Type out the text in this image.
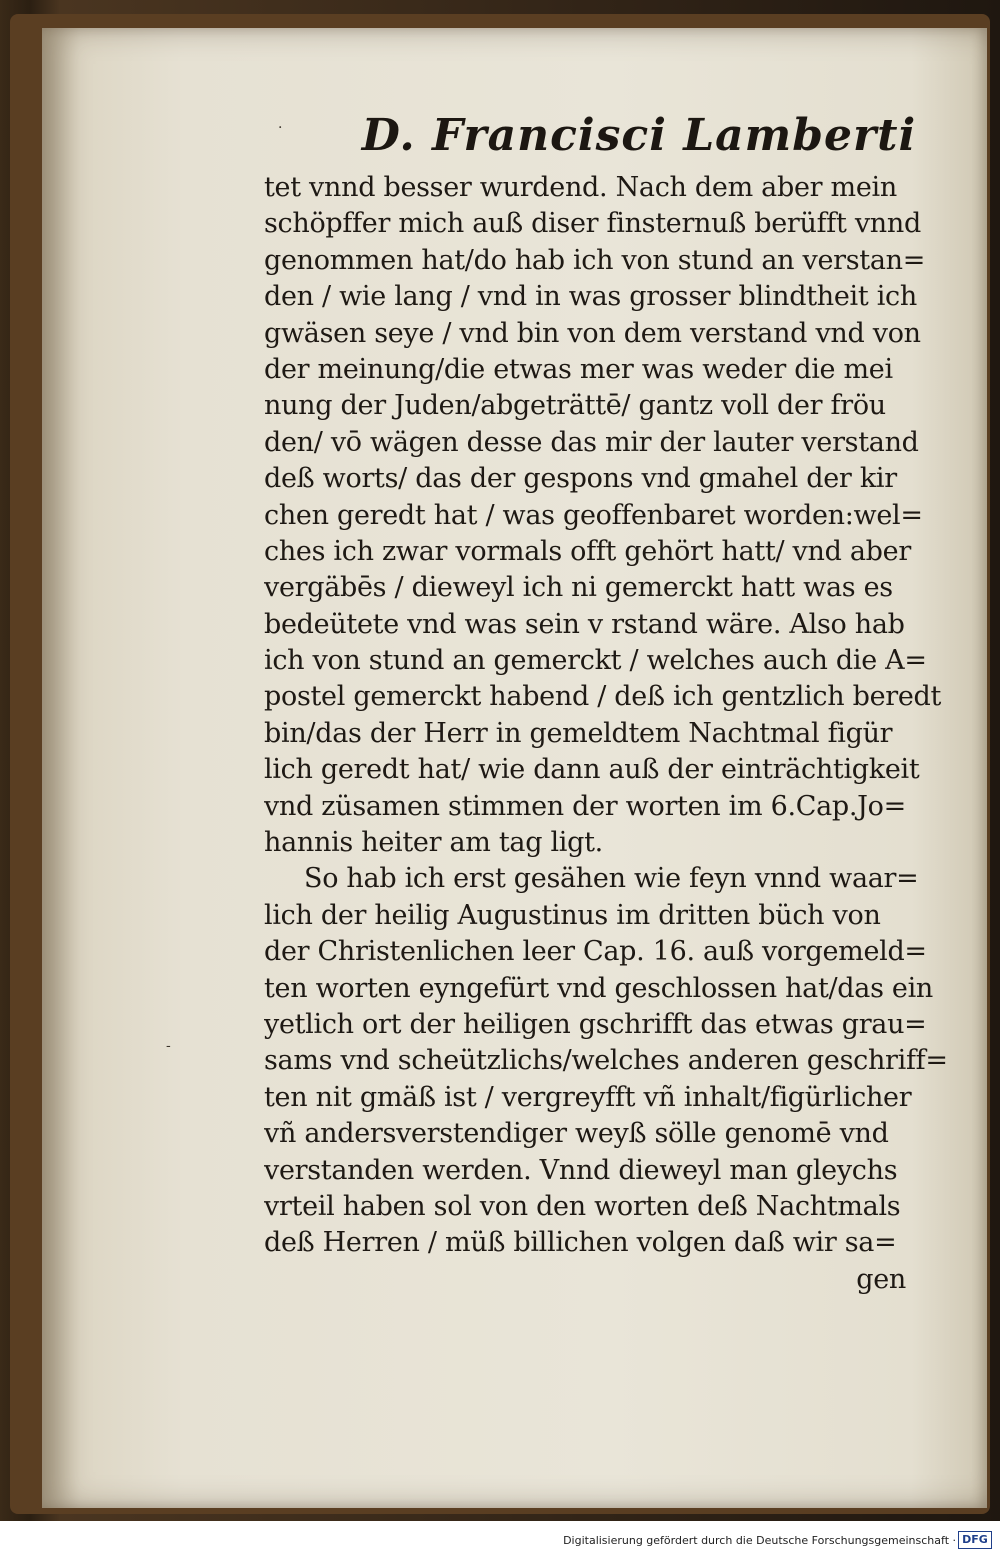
·
-
D. Francisci Lamberti
tet vnnd besser wurdend. Nach dem aber mein
schöpffer mich auß diser finsternuß berüfft vnnd
genommen hat/do hab ich von stund an verstan=
den / wie lang / vnd in was grosser blindtheit ich
gwäsen seye / vnd bin von dem verstand vnd von
der meinung/die etwas mer was weder die mei
nung der Juden/abgeträttē/ gantz voll der fröu
den/ vō wägen desse das mir der lauter verstand
deß worts/ das der gespons vnd gmahel der kir
chen geredt hat / was geoffenbaret worden:wel=
ches ich zwar vormals offt gehört hatt/ vnd aber
vergäbēs / dieweyl ich ni gemerckt hatt was es
bedeütete vnd was sein v rstand wäre. Also hab
ich von stund an gemerckt / welches auch die A=
postel gemerckt habend / deß ich gentzlich beredt
bin/das der Herr in gemeldtem Nachtmal figür
lich geredt hat/ wie dann auß der einträchtigkeit
vnd züsamen stimmen der worten im 6.Cap.Jo=
hannis heiter am tag ligt.
So hab ich erst gesähen wie feyn vnnd waar=
lich der heilig Augustinus im dritten büch von
der Christenlichen leer Cap. 16. auß vorgemeld=
ten worten eyngefürt vnd geschlossen hat/das ein
yetlich ort der heiligen gschrifft das etwas grau=
sams vnd scheützlichs/welches anderen geschriff=
ten nit gmäß ist / vergreyfft vñ inhalt/figürlicher
vñ andersverstendiger weyß sölle genomē vnd
verstanden werden. Vnnd dieweyl man gleychs
vrteil haben sol von den worten deß Nachtmals
deß Herren / müß billichen volgen daß wir sa=
gen
Digitalisierung gefördert durch die Deutsche Forschungsgemeinschaft · DFG
